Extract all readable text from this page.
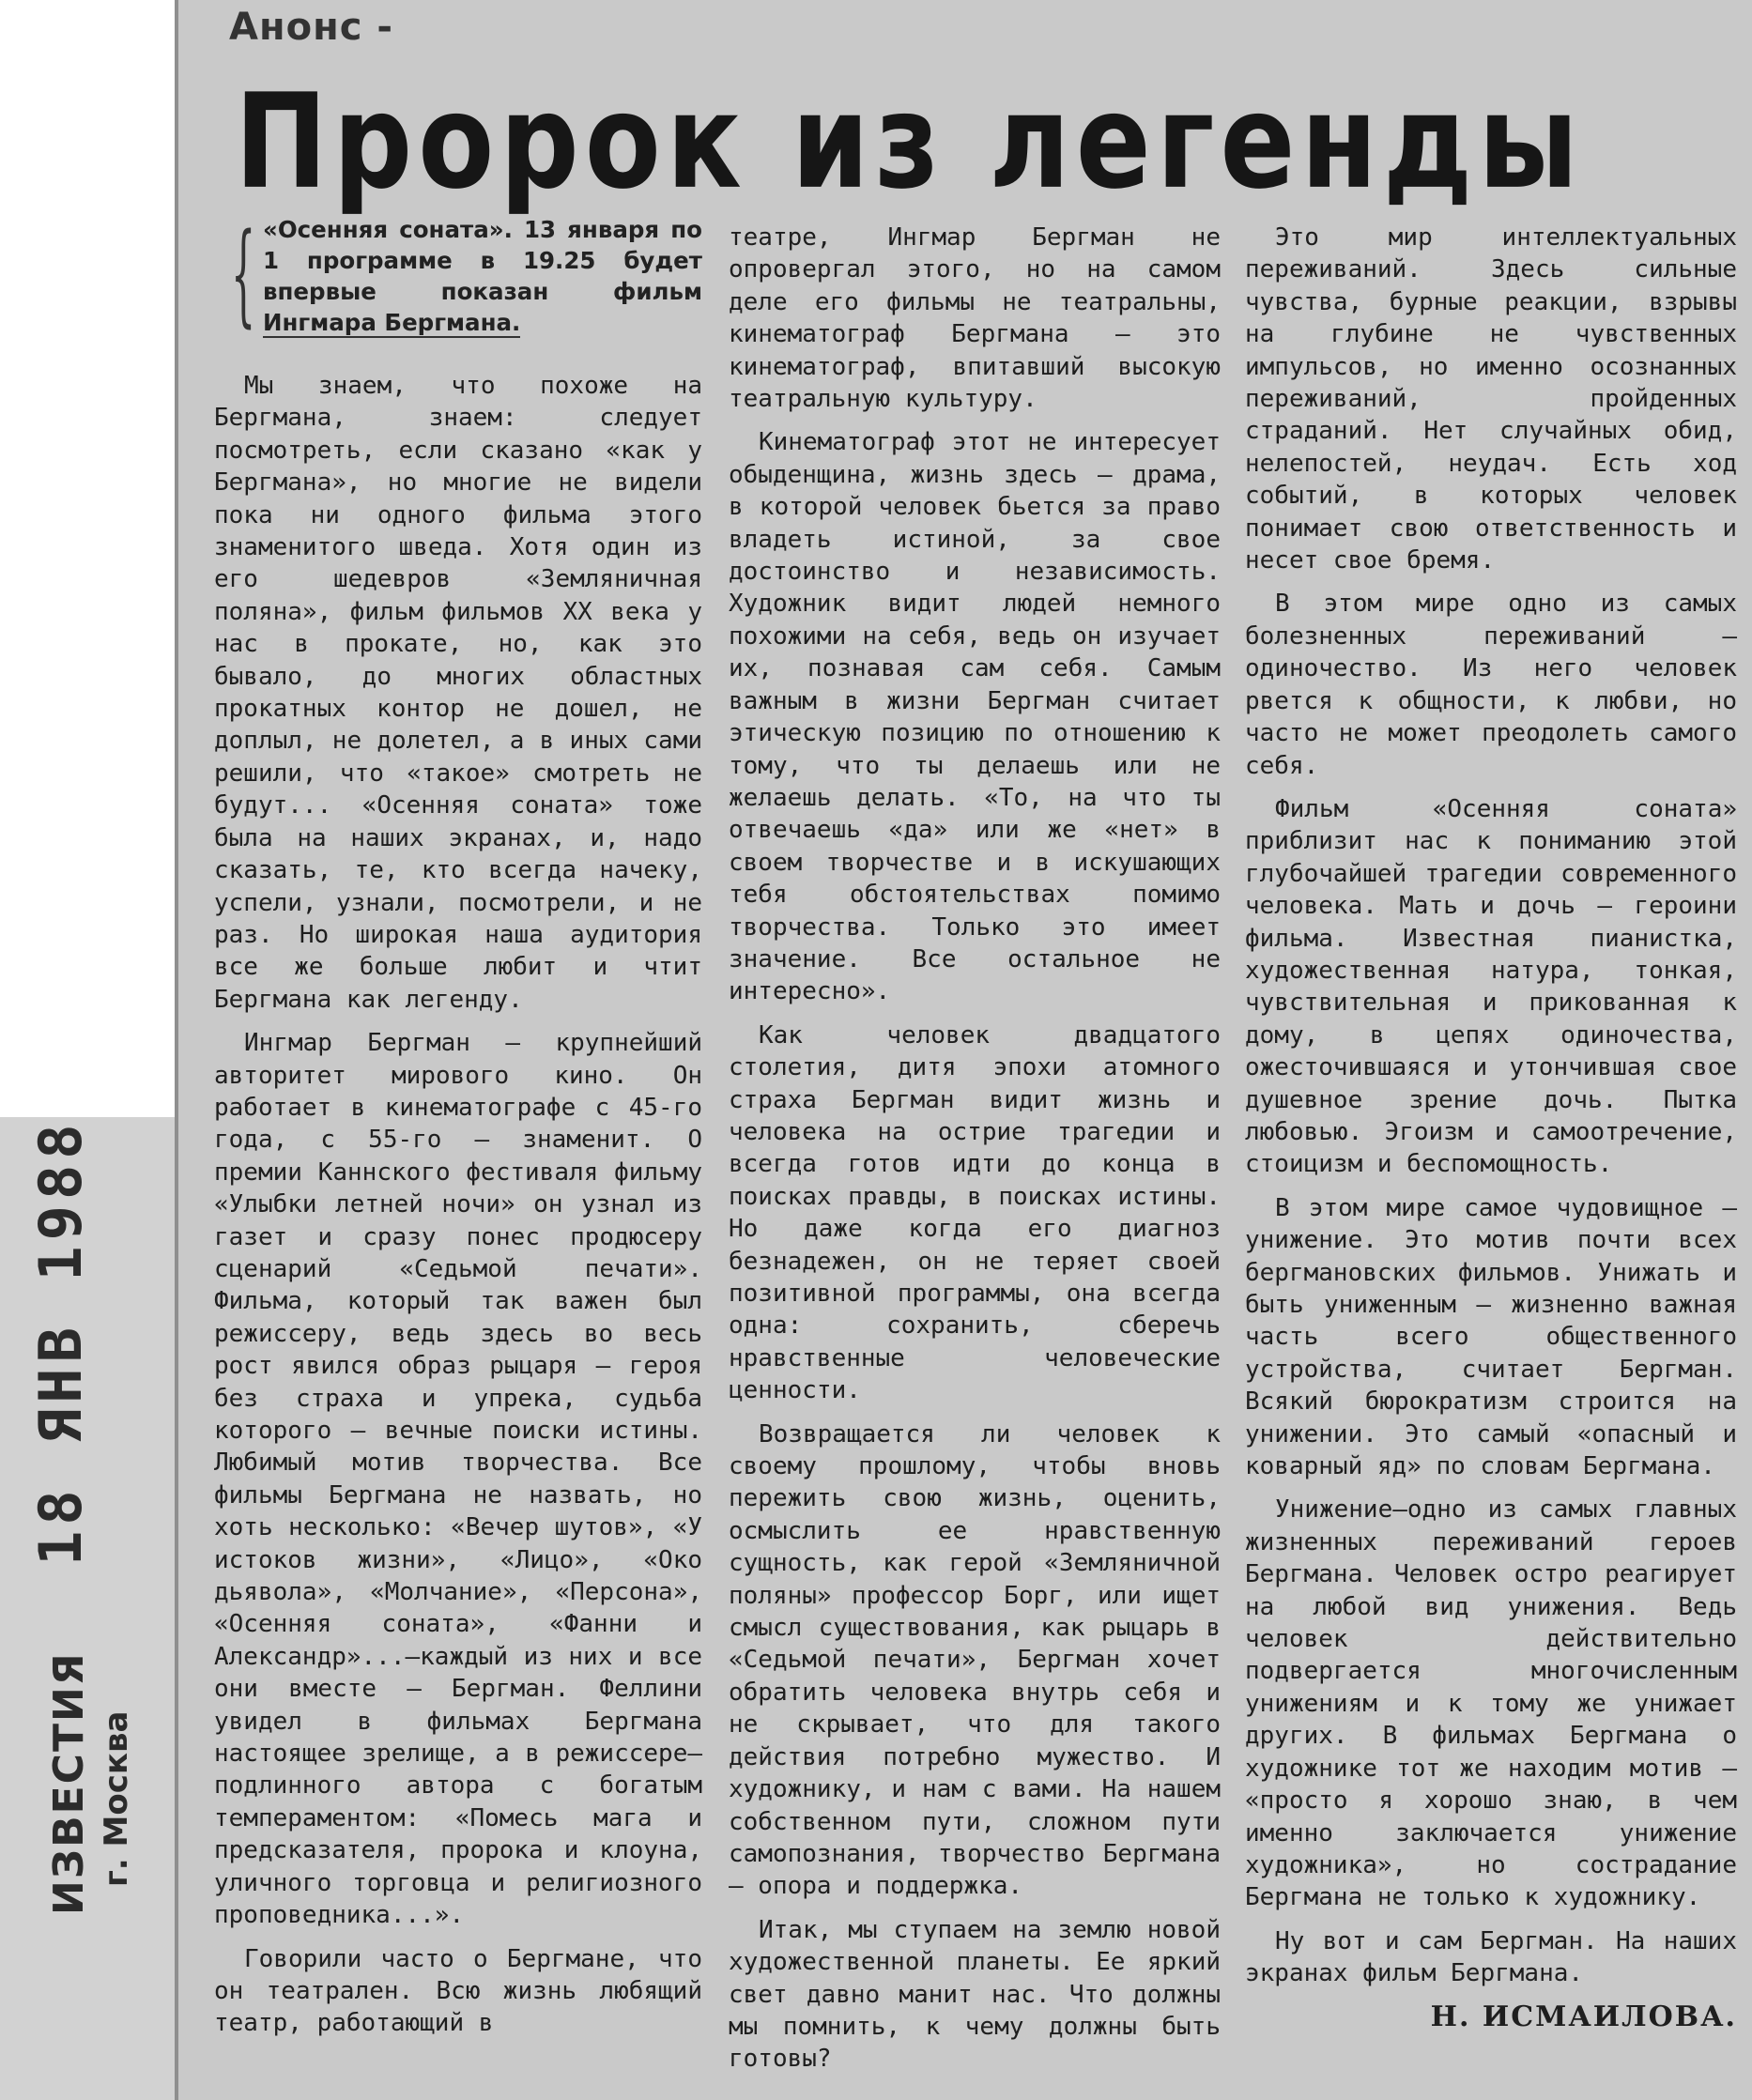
Анонс -
Пророк из легенды
{ «Осенняя соната». 13 января по 1 программе в 19.25 будет впервые показан фильм Ингмара Бергмана.

Мы знаем, что похоже на Бергмана, знаем: следует посмотреть, если сказано «как у Бергмана», но многие не видели пока ни одного фильма этого знаменитого шведа. Хотя один из его шедевров «Земляничная поляна», фильм фильмов XX века у нас в прокате, но, как это бывало, до многих областных прокатных контор не дошел, не доплыл, не долетел, а в иных сами решили, что «такое» смотреть не будут... «Осенняя соната» тоже была на наших экранах, и, надо сказать, те, кто всегда начеку, успели, узнали, посмотрели, и не раз. Но широкая наша аудитория все же больше любит и чтит Бергмана как легенду.

Ингмар Бергман — крупнейший авторитет мирового кино. Он работает в кинематографе с 45-го года, с 55-го — знаменит. О премии Каннского фестиваля фильму «Улыбки летней ночи» он узнал из газет и сразу понес продюсеру сценарий «Седьмой печати». Фильма, который так важен был режиссеру, ведь здесь во весь рост явился образ рыцаря — героя без страха и упрека, судьба которого — вечные поиски истины. Любимый мотив творчества. Все фильмы Бергмана не назвать, но хоть несколько: «Вечер шутов», «У истоков жизни», «Лицо», «Око дьявола», «Молчание», «Персона», «Осенняя соната», «Фанни и Александр»...—каждый из них и все они вместе — Бергман. Феллини увидел в фильмах Бергмана настоящее зрелище, а в режиссере—подлинного автора с богатым темпераментом: «Помесь мага и предсказателя, пророка и клоуна, уличного торговца и религиозного проповедника...».

Говорили часто о Бергмане, что он театрален. Всю жизнь любящий театр, работающий в

театре, Ингмар Бергман не опровергал этого, но на самом деле его фильмы не театральны, кинематограф Бергмана — это кинематограф, впитавший высокую театральную культуру.

Кинематограф этот не интересует обыденщина, жизнь здесь — драма, в которой человек бьется за право владеть истиной, за свое достоинство и независимость. Художник видит людей немного похожими на себя, ведь он изучает их, познавая сам себя. Самым важным в жизни Бергман считает этическую позицию по отношению к тому, что ты делаешь или не желаешь делать. «То, на что ты отвечаешь «да» или же «нет» в своем творчестве и в искушающих тебя обстоятельствах помимо творчества. Только это имеет значение. Все остальное не интересно».

Как человек двадцатого столетия, дитя эпохи атомного страха Бергман видит жизнь и человека на острие трагедии и всегда готов идти до конца в поисках правды, в поисках истины. Но даже когда его диагноз безнадежен, он не теряет своей позитивной программы, она всегда одна: сохранить, сберечь нравственные человеческие ценности.

Возвращается ли человек к своему прошлому, чтобы вновь пережить свою жизнь, оценить, осмыслить ее нравственную сущность, как герой «Земляничной поляны» профессор Борг, или ищет смысл существования, как рыцарь в «Седьмой печати», Бергман хочет обратить человека внутрь себя и не скрывает, что для такого действия потребно мужество. И художнику, и нам с вами. На нашем собственном пути, сложном пути самопознания, творчество Бергмана — опора и поддержка.

Итак, мы ступаем на землю новой художественной планеты. Ее яркий свет давно манит нас. Что должны мы помнить, к чему должны быть готовы?

Это мир интеллектуальных переживаний. Здесь сильные чувства, бурные реакции, взрывы на глубине не чувственных импульсов, но именно осознанных переживаний, пройденных страданий. Нет случайных обид, нелепостей, неудач. Есть ход событий, в которых человек понимает свою ответственность и несет свое бремя.

В этом мире одно из самых болезненных переживаний — одиночество. Из него человек рвется к общности, к любви, но часто не может преодолеть самого себя.

Фильм «Осенняя соната» приблизит нас к пониманию этой глубочайшей трагедии современного человека. Мать и дочь — героини фильма. Известная пианистка, художественная натура, тонкая, чувствительная и прикованная к дому, в цепях одиночества, ожесточившаяся и утончившая свое душевное зрение дочь. Пытка любовью. Эгоизм и самоотречение, стоицизм и беспомощность.

В этом мире самое чудовищное —унижение. Это мотив почти всех бергмановских фильмов. Унижать и быть униженным — жизненно важная часть всего общественного устройства, считает Бергман. Всякий бюрократизм строится на унижении. Это самый «опасный и коварный яд» по словам Бергмана.

Унижение—одно из самых главных жизненных переживаний героев Бергмана. Человек остро реагирует на любой вид унижения. Ведь человек действительно подвергается многочисленным унижениям и к тому же унижает других. В фильмах Бергмана о художнике тот же находим мотив — «просто я хорошо знаю, в чем именно заключается унижение художника», но сострадание Бергмана не только к художнику.

Ну вот и сам Бергман. На наших экранах фильм Бергмана.

Н. ИСМАИЛОВА.
18 ЯНВ 1988
ИЗВЕСТИЯ г. Москва
